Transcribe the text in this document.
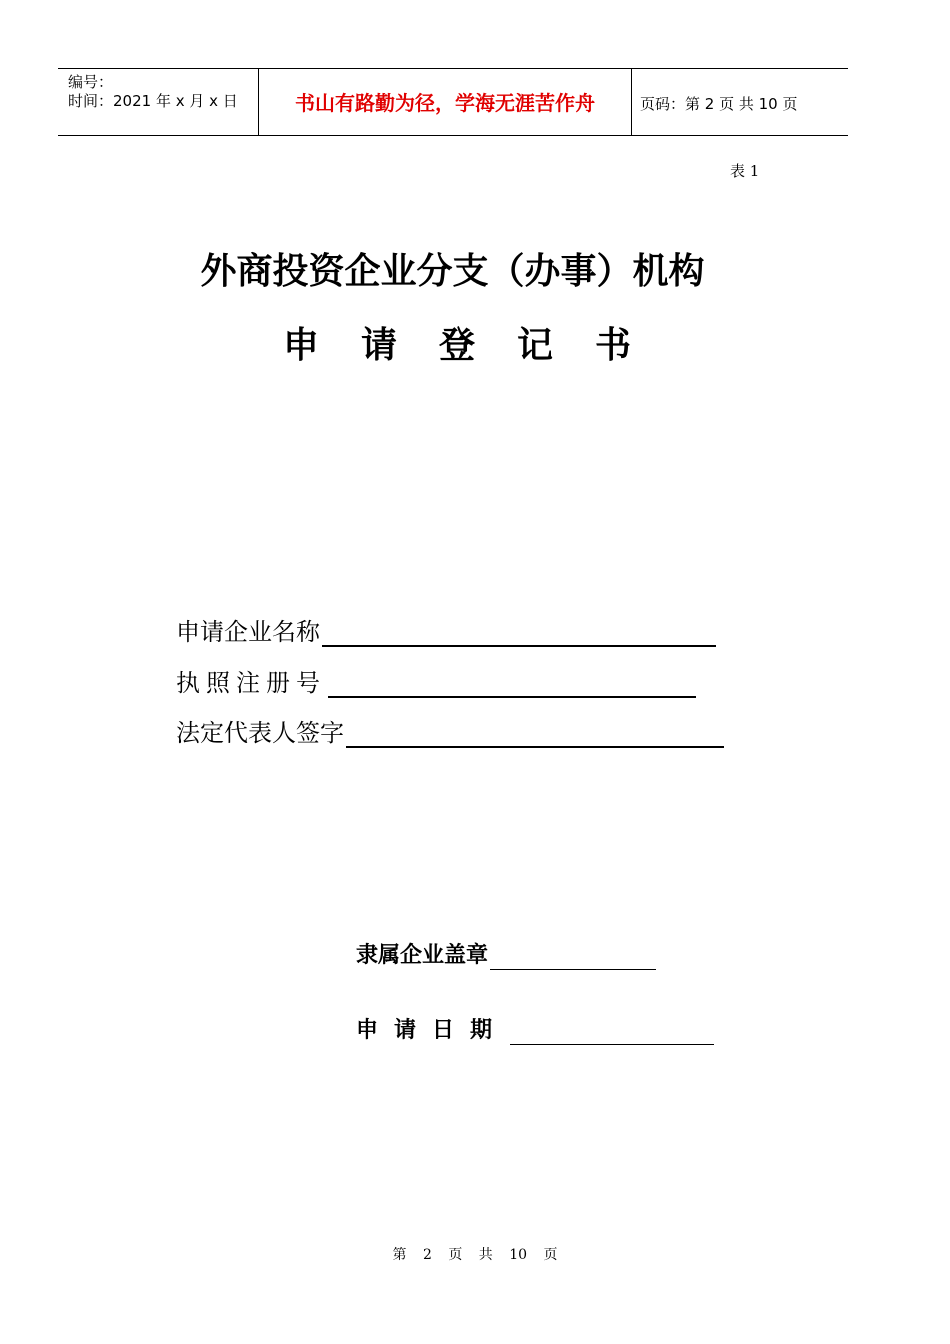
编号：
时间：2021 年 x 月 x 日	书山有路勤为径，学海无涯苦作舟	页码：第 2 页 共 10 页
表 1
外商投资企业分支（办事）机构
申请登记书
申请企业名称
执照注册号
法定代表人签字
隶属企业盖章
申请日期
第 2 页 共 10 页
